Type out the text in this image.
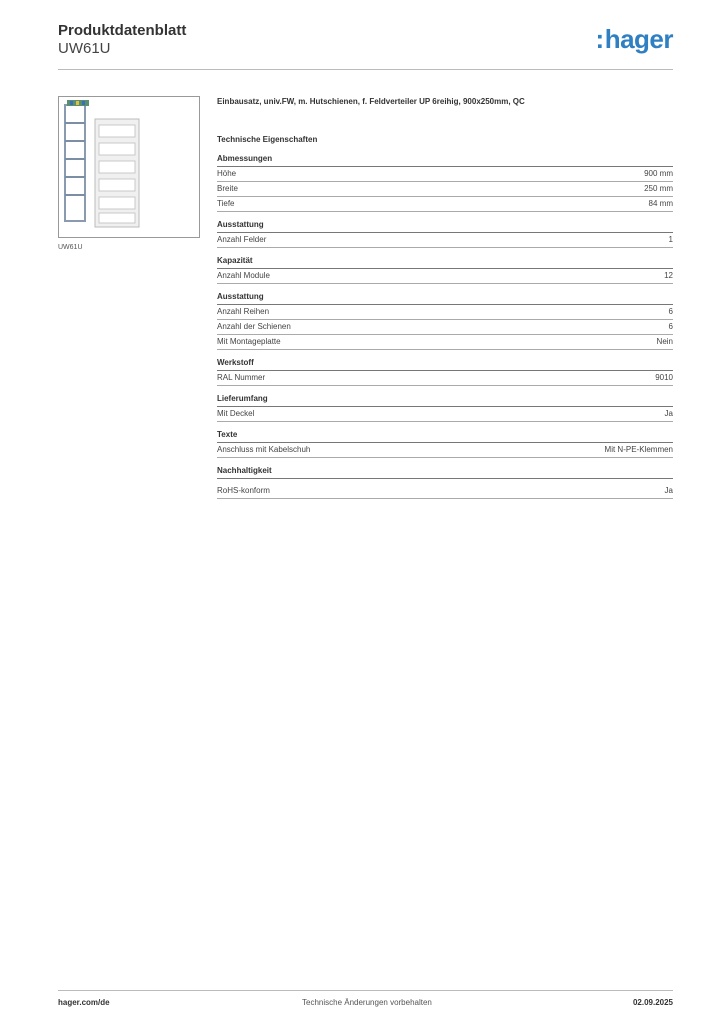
Produktdatenblatt
UW61U	:hager
UW61U

Einbausatz, univ.FW, m. Hutschienen, f. Feldverteiler UP 6reihig, 900x250mm, QC

Technische Eigenschaften
Abmessungen
Höhe	900 mm
Breite	250 mm
Tiefe	84 mm
Ausstattung
Anzahl Felder	1
Kapazität
Anzahl Module	12
Ausstattung
Anzahl Reihen	6
Anzahl der Schienen	6
Mit Montageplatte	Nein
Werkstoff
RAL Nummer	9010
Lieferumfang
Mit Deckel	Ja
Texte
Anschluss mit Kabelschuh	Mit N-PE-Klemmen
Nachhaltigkeit
RoHS-konform	Ja
hager.com/de	Technische Änderungen vorbehalten	02.09.2025
